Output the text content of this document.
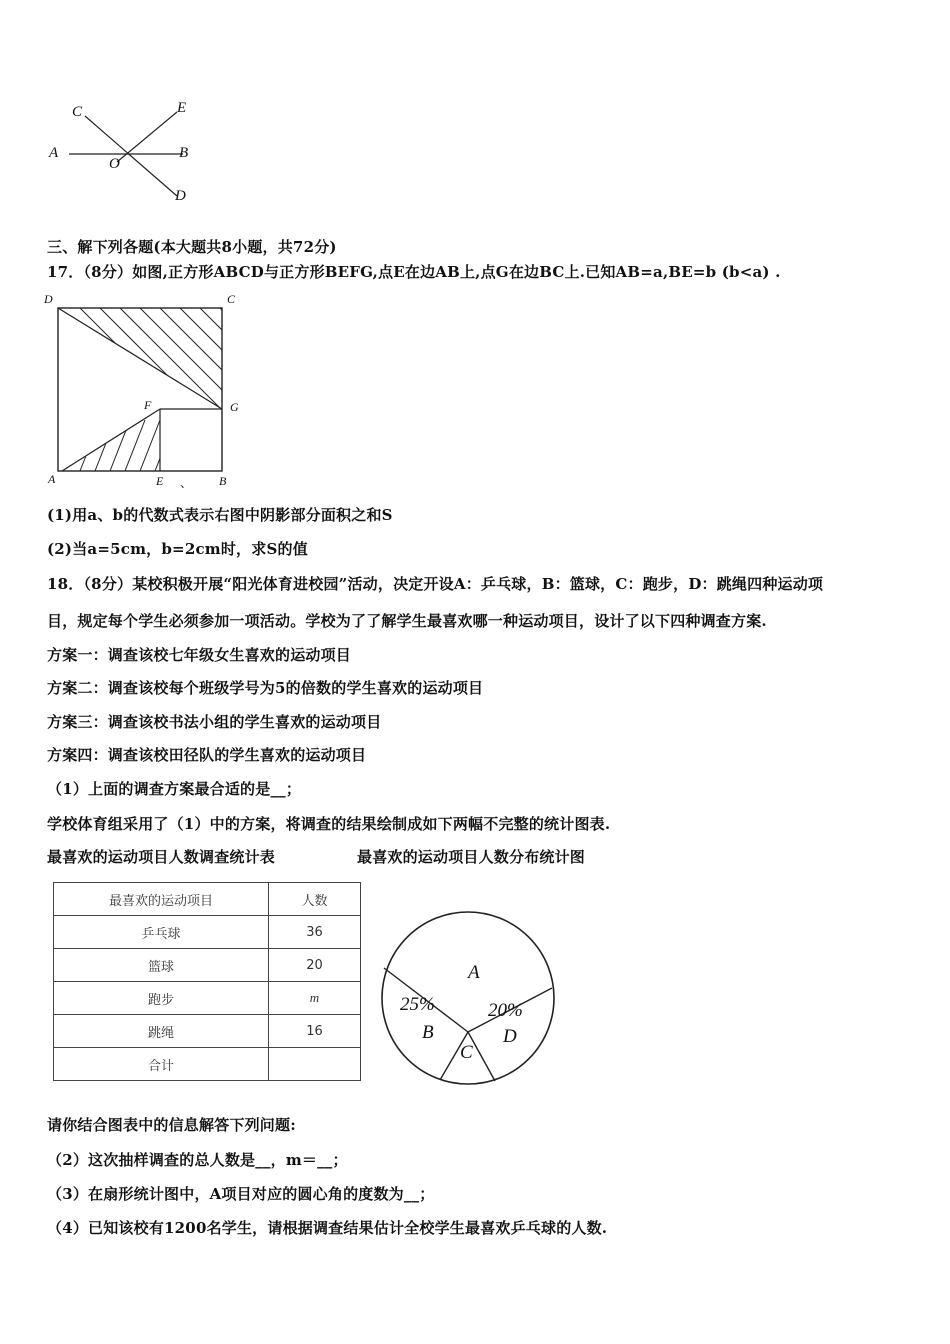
C	E
A
O
B
D
三、解下列各题(本大题共8小题，共72分)
17．（8分）如图,正方形ABCD与正方形BEFG,点E在边AB上,点G在边BC上.已知AB=a,BE=b (b<a) .
D	C
F	G
A	E 、 B
(1)用a、b的代数式表示右图中阴影部分面积之和S
(2)当a=5cm，b=2cm时，求S的值
18．（8分）某校积极开展“阳光体育进校园”活动，决定开设A：乒乓球，B：篮球，C：跑步，D：跳绳四种运动项
目，规定每个学生必须参加一项活动。学校为了了解学生最喜欢哪一种运动项目，设计了以下四种调查方案.
方案一：调查该校七年级女生喜欢的运动项目
方案二：调查该校每个班级学号为5的倍数的学生喜欢的运动项目
方案三：调查该校书法小组的学生喜欢的运动项目
方案四：调查该校田径队的学生喜欢的运动项目
（1）上面的调查方案最合适的是__；
学校体育组采用了（1）中的方案，将调查的结果绘制成如下两幅不完整的统计图表.
最喜欢的运动项目人数调查统计表	最喜欢的运动项目人数分布统计图
最喜欢的运动项目	人数
乒乓球	36
篮球	20
跑步	m
跳绳	16
合计	
A
25%
B
C
20%
D
请你结合图表中的信息解答下列问题:
（2）这次抽样调查的总人数是__，m＝__；
（3）在扇形统计图中，A项目对应的圆心角的度数为__；
（4）已知该校有1200名学生，请根据调查结果估计全校学生最喜欢乒乓球的人数.
